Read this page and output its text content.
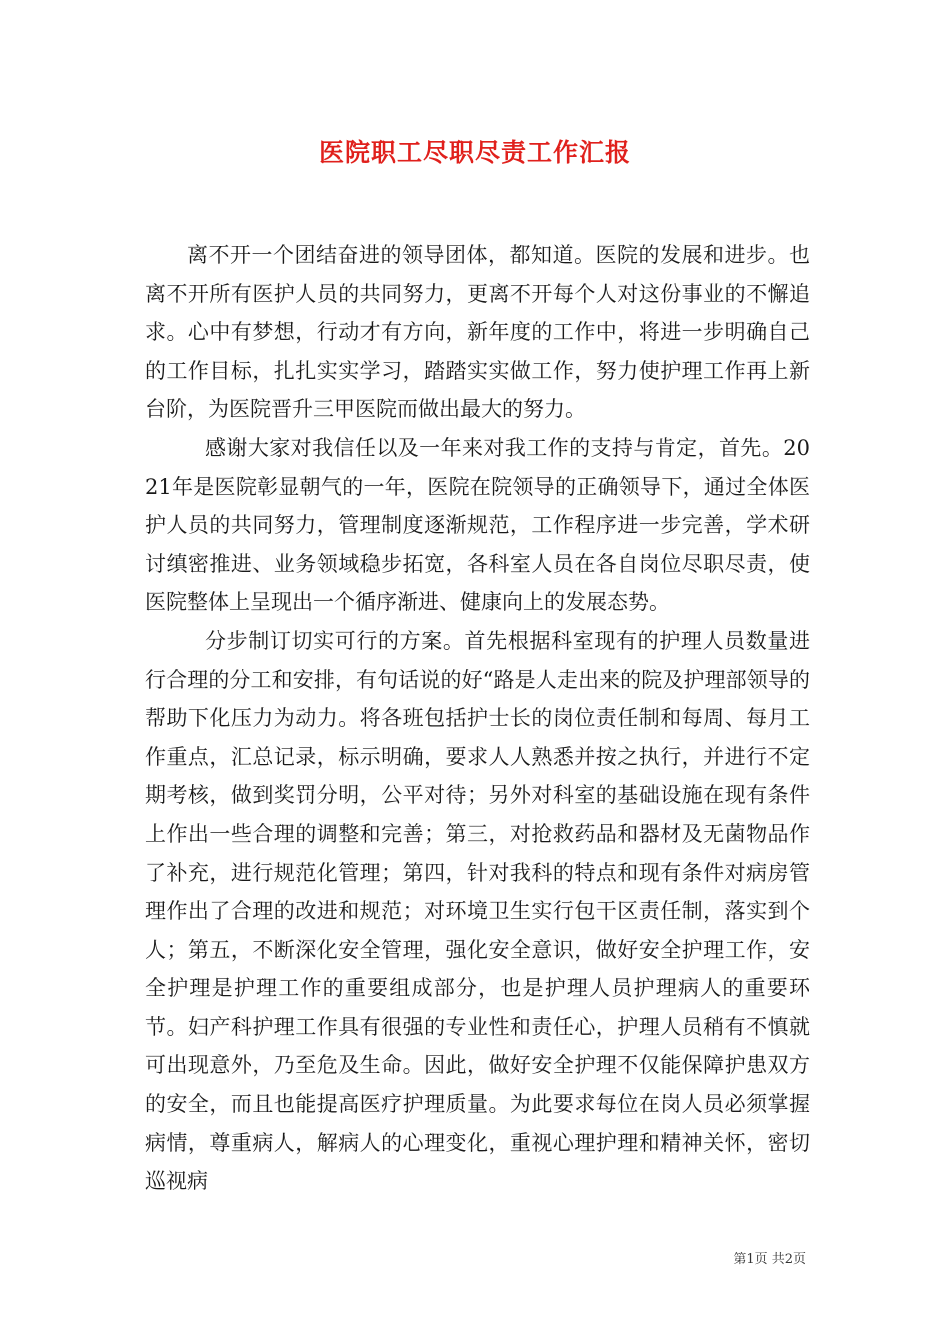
医院职工尽职尽责工作汇报

离不开一个团结奋进的领导团体，都知道。医院的发展和进步。也离不开所有医护人员的共同努力，更离不开每个人对这份事业的不懈追求。心中有梦想，行动才有方向，新年度的工作中，将进一步明确自己的工作目标，扎扎实实学习，踏踏实实做工作，努力使护理工作再上新台阶，为医院晋升三甲医院而做出最大的努力。

感谢大家对我信任以及一年来对我工作的支持与肯定，首先。2021年是医院彰显朝气的一年，医院在院领导的正确领导下，通过全体医护人员的共同努力，管理制度逐渐规范，工作程序进一步完善，学术研讨缜密推进、业务领域稳步拓宽，各科室人员在各自岗位尽职尽责，使医院整体上呈现出一个循序渐进、健康向上的发展态势。

分步制订切实可行的方案。首先根据科室现有的护理人员数量进行合理的分工和安排，有句话说的好“路是人走出来的院及护理部领导的帮助下化压力为动力。将各班包括护士长的岗位责任制和每周、每月工作重点，汇总记录，标示明确，要求人人熟悉并按之执行，并进行不定期考核，做到奖罚分明，公平对待；另外对科室的基础设施在现有条件上作出一些合理的调整和完善；第三，对抢救药品和器材及无菌物品作了补充，进行规范化管理；第四，针对我科的特点和现有条件对病房管理作出了合理的改进和规范；对环境卫生实行包干区责任制，落实到个人；第五，不断深化安全管理，强化安全意识，做好安全护理工作，安全护理是护理工作的重要组成部分，也是护理人员护理病人的重要环节。妇产科护理工作具有很强的专业性和责任心，护理人员稍有不慎就可出现意外，乃至危及生命。因此，做好安全护理不仅能保障护患双方的安全，而且也能提高医疗护理质量。为此要求每位在岗人员必须掌握病情，尊重病人，解病人的心理变化，重视心理护理和精神关怀，密切巡视病

第1页 共2页
